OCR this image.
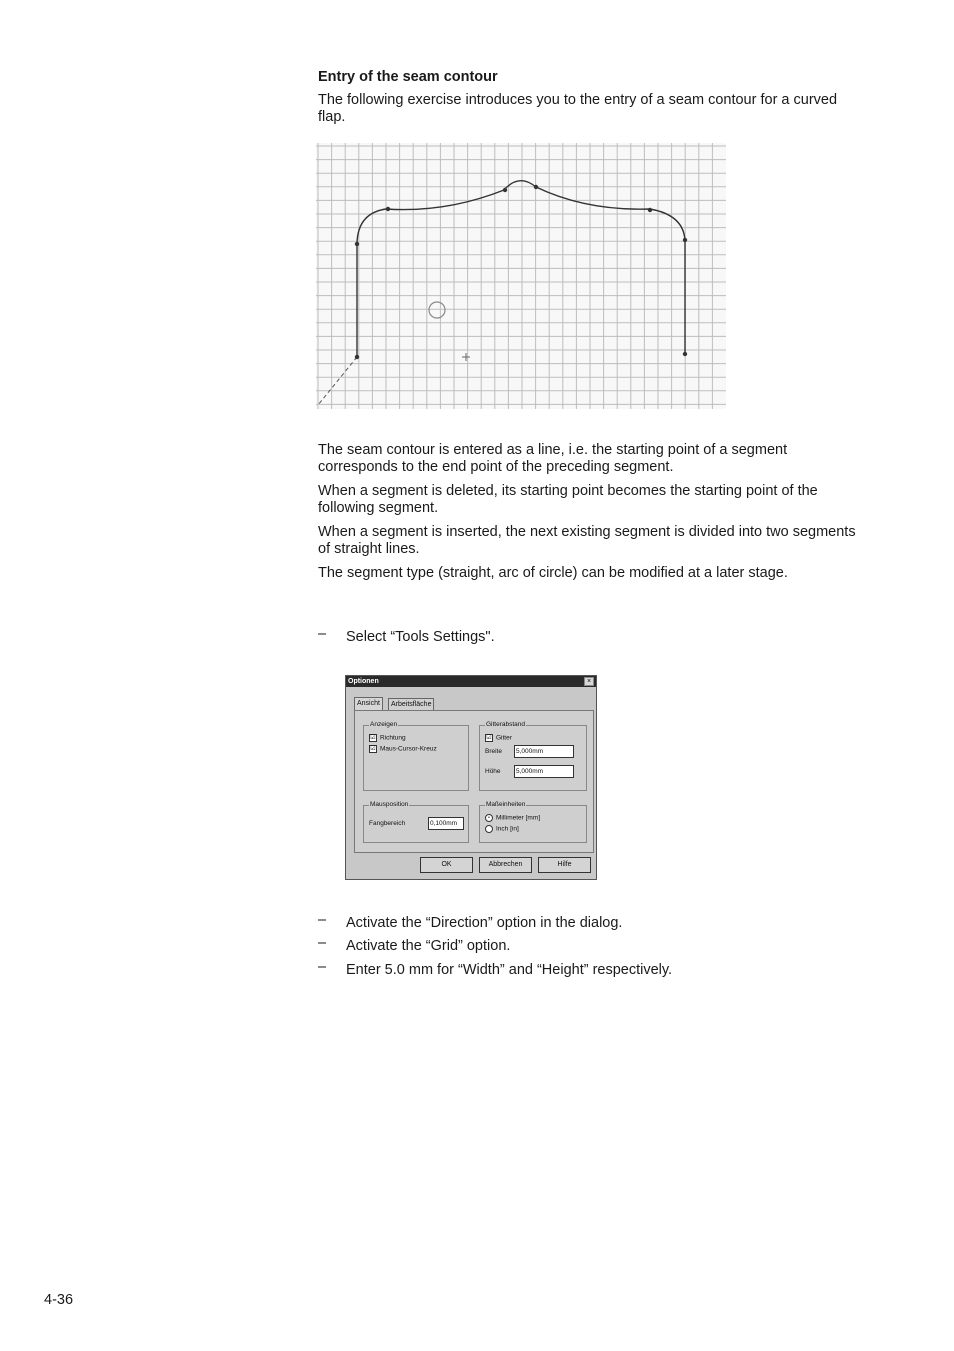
Entry of the seam contour
The following exercise introduces you to the entry of a seam contour for a curved flap.
The seam contour is entered as a line, i.e. the starting point of a segment corresponds to the end point of the preceding segment.
When a segment is deleted, its starting point becomes the starting point of the following segment.
When a segment is inserted, the next existing segment is divided into two segments of straight lines.
The segment type (straight, arc of circle) can be modified at a later stage.
– Select “Tools Settings".
Optionen	×
Ansicht	Arbeitsfläche
Anzeigen
☑ Richtung
☑ Maus-Cursor-Kreuz
Gitterabstand
☑ Gitter
Breite	5,000mm
Höhe	5,000mm
Mausposition
Fangbereich	0,100mm
Maßeinheiten
• Millimeter [mm]
Inch [in]
OK	Abbrechen	Hilfe
– Activate the “Direction” option in the dialog.
– Activate the “Grid” option.
– Enter 5.0 mm for “Width” and “Height” respectively.
4-36
